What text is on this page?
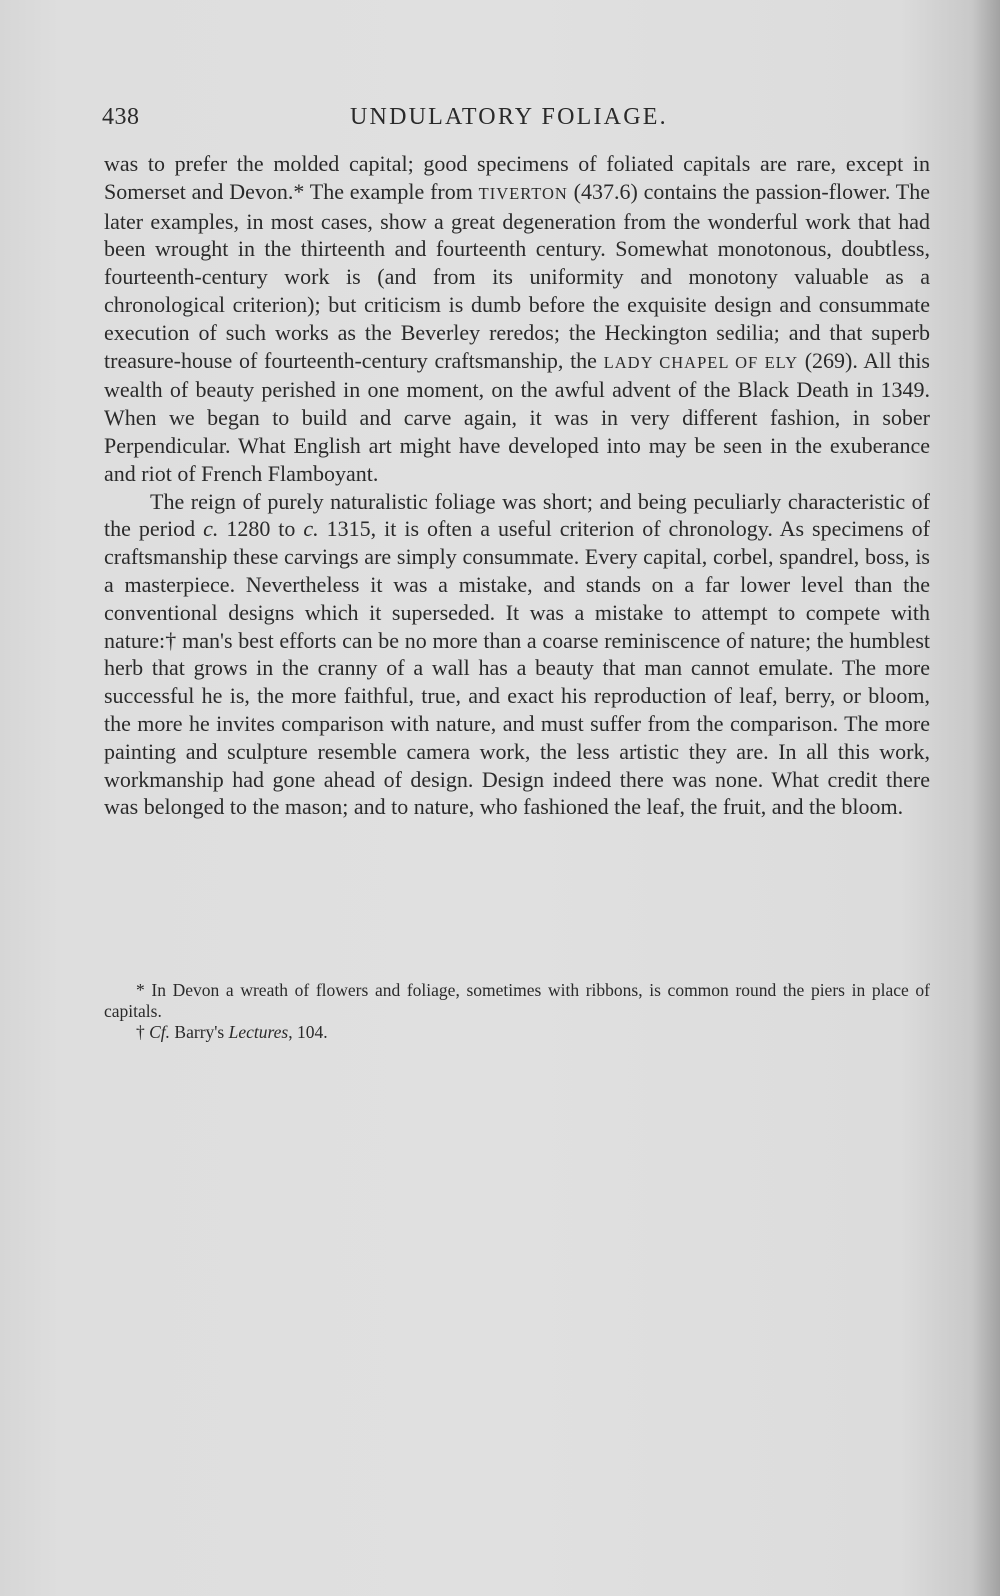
438	UNDULATORY FOLIAGE.

was to prefer the molded capital; good specimens of foliated capitals are rare, except in Somerset and Devon.* The example from TIVERTON (437.6) contains the passion-flower. The later examples, in most cases, show a great degeneration from the wonderful work that had been wrought in the thirteenth and fourteenth century. Somewhat monotonous, doubtless, fourteenth-century work is (and from its uniformity and monotony valuable as a chronological criterion); but criticism is dumb before the exquisite design and consummate execution of such works as the Beverley reredos; the Heckington sedilia; and that superb treasure-house of fourteenth-century craftsmanship, the LADY CHAPEL OF ELY (269). All this wealth of beauty perished in one moment, on the awful advent of the Black Death in 1349. When we began to build and carve again, it was in very different fashion, in sober Perpendicular. What English art might have developed into may be seen in the exuberance and riot of French Flamboyant.

The reign of purely naturalistic foliage was short; and being peculiarly characteristic of the period c. 1280 to c. 1315, it is often a useful criterion of chronology. As specimens of craftsmanship these carvings are simply consummate. Every capital, corbel, spandrel, boss, is a masterpiece. Nevertheless it was a mistake, and stands on a far lower level than the conventional designs which it superseded. It was a mistake to attempt to compete with nature:† man's best efforts can be no more than a coarse reminiscence of nature; the humblest herb that grows in the cranny of a wall has a beauty that man cannot emulate. The more successful he is, the more faithful, true, and exact his reproduction of leaf, berry, or bloom, the more he invites comparison with nature, and must suffer from the comparison. The more painting and sculpture resemble camera work, the less artistic they are. In all this work, workmanship had gone ahead of design. Design indeed there was none. What credit there was belonged to the mason; and to nature, who fashioned the leaf, the fruit, and the bloom.

* In Devon a wreath of flowers and foliage, sometimes with ribbons, is common round the piers in place of capitals.

† Cf. Barry's Lectures, 104.
